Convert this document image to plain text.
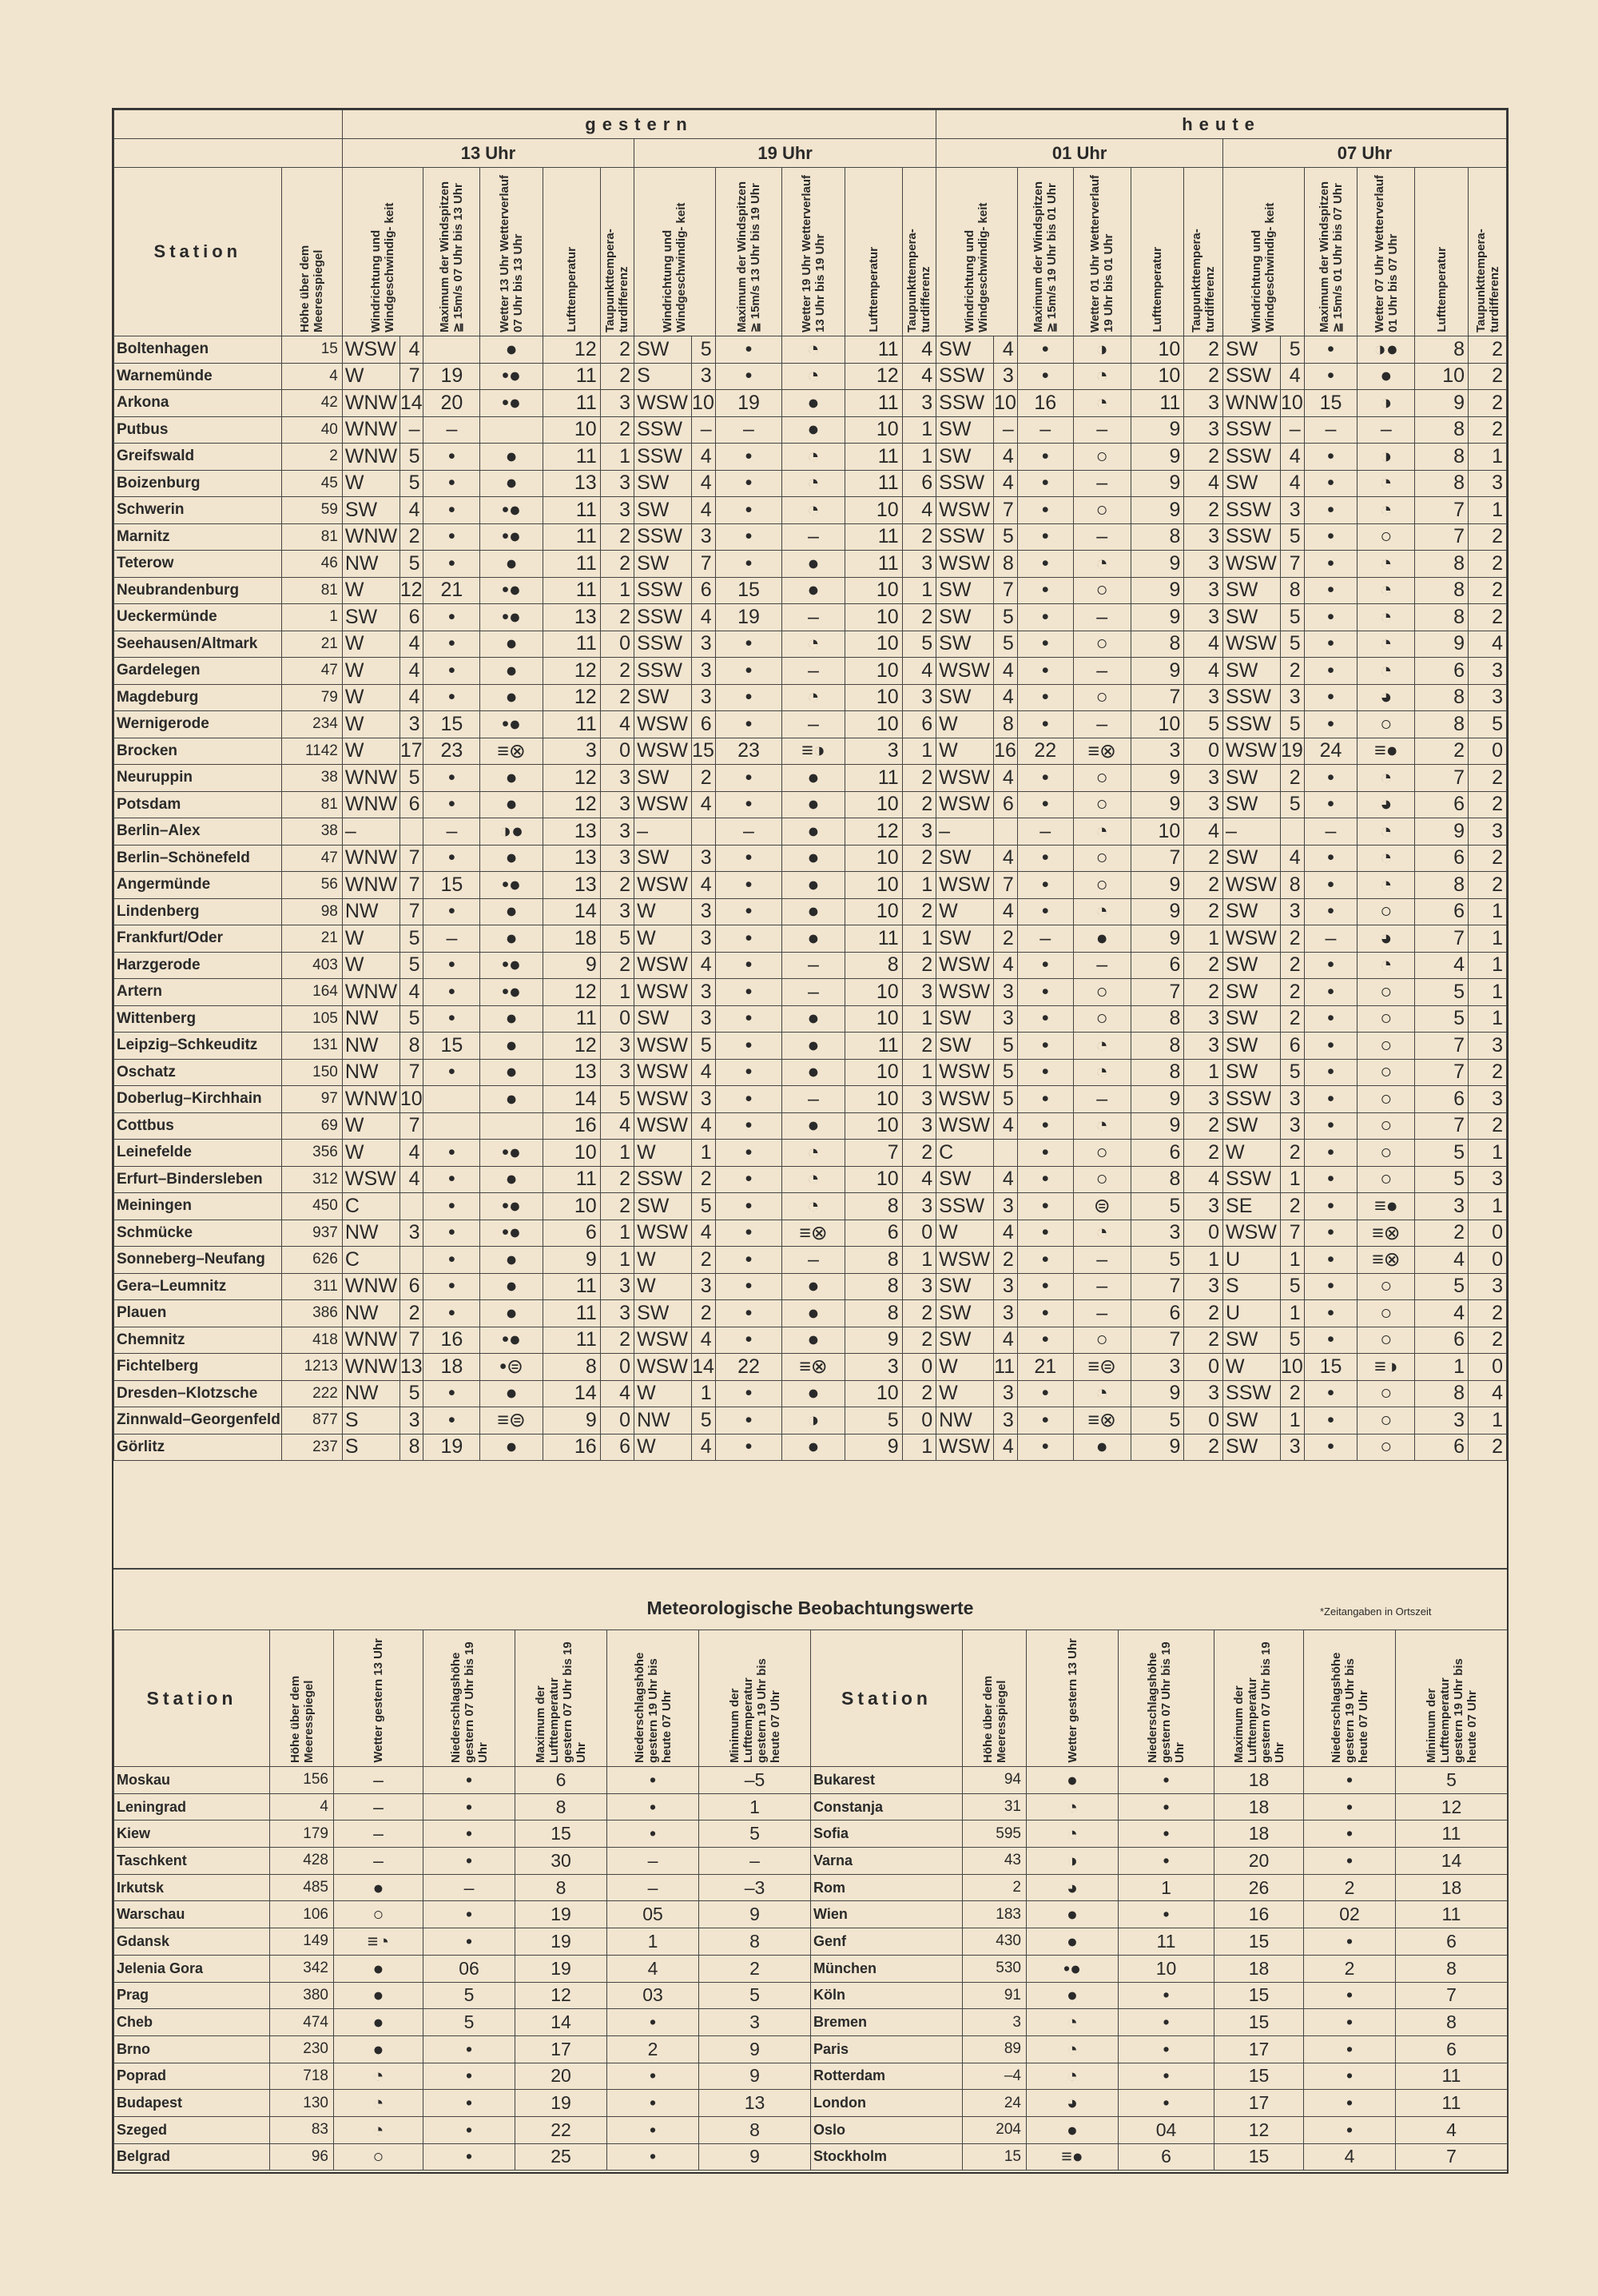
		gestern												heute											
		13 Uhr						19 Uhr						01 Uhr						07 Uhr					
Station	Höhe über dem Meeresspiegel	Windrichtung und Windgeschwindig- keit		Maximum der Windspitzen ≧ 15m/s 07 Uhr bis 13 Uhr	Wetter 13 Uhr Wetterverlauf 07 Uhr bis 13 Uhr	Lufttemperatur	Taupunkttempera- turdifferenz	Windrichtung und Windgeschwindig- keit		Maximum der Windspitzen ≧ 15m/s 13 Uhr bis 19 Uhr	Wetter 19 Uhr Wetterverlauf 13 Uhr bis 19 Uhr	Lufttemperatur	Taupunkttempera- turdifferenz	Windrichtung und Windgeschwindig- keit		Maximum der Windspitzen ≧ 15m/s 19 Uhr bis 01 Uhr	Wetter 01 Uhr Wetterverlauf 19 Uhr bis 01 Uhr	Lufttemperatur	Taupunkttempera- turdifferenz	Windrichtung und Windgeschwindig- keit		Maximum der Windspitzen ≧ 15m/s 01 Uhr bis 07 Uhr	Wetter 07 Uhr Wetterverlauf 01 Uhr bis 07 Uhr	Lufttemperatur	Taupunkttempera- turdifferenz

Boltenhagen	15	WSW	4		●	12	2	SW	5	•	◔	11	4	SW	4	•	◑	10	2	SW	5	•	◑●	8	2
Warnemünde	4	W	7	19	•●	11	2	S	3	•	◔	12	4	SSW	3	•	◔	10	2	SSW	4	•	●	10	2
Arkona	42	WNW	14	20	•●	11	3	WSW	10	19	●	11	3	SSW	10	16	◔	11	3	WNW	10	15	◑	9	2
Putbus	40	WNW	–	–		10	2	SSW	–	–	●	10	1	SW	–	–	–	9	3	SSW	–	–	–	8	2
Greifswald	2	WNW	5	•	●	11	1	SSW	4	•	◔	11	1	SW	4	•	○	9	2	SSW	4	•	◑	8	1
Boizenburg	45	W	5	•	●	13	3	SW	4	•	◔	11	6	SSW	4	•	–	9	4	SW	4	•	◔	8	3
Schwerin	59	SW	4	•	•●	11	3	SW	4	•	◔	10	4	WSW	7	•	○	9	2	SSW	3	•	◔	7	1
Marnitz	81	WNW	2	•	•●	11	2	SSW	3	•	–	11	2	SSW	5	•	–	8	3	SSW	5	•	○	7	2
Teterow	46	NW	5	•	●	11	2	SW	7	•	●	11	3	WSW	8	•	◔	9	3	WSW	7	•	◔	8	2
Neubrandenburg	81	W	12	21	•●	11	1	SSW	6	15	●	10	1	SW	7	•	○	9	3	SW	8	•	◔	8	2
Ueckermünde	1	SW	6	•	•●	13	2	SSW	4	19	–	10	2	SW	5	•	–	9	3	SW	5	•	◔	8	2
Seehausen/Altmark	21	W	4	•	●	11	0	SSW	3	•	◔	10	5	SW	5	•	○	8	4	WSW	5	•	◔	9	4
Gardelegen	47	W	4	•	●	12	2	SSW	3	•	–	10	4	WSW	4	•	–	9	4	SW	2	•	◔	6	3
Magdeburg	79	W	4	•	●	12	2	SW	3	•	◔	10	3	SW	4	•	○	7	3	SSW	3	•	◕	8	3
Wernigerode	234	W	3	15	•●	11	4	WSW	6	•	–	10	6	W	8	•	–	10	5	SSW	5	•	○	8	5
Brocken	1142	W	17	23	≡⊗	3	0	WSW	15	23	≡◑	3	1	W	16	22	≡⊗	3	0	WSW	19	24	≡●	2	0
Neuruppin	38	WNW	5	•	●	12	3	SW	2	•	●	11	2	WSW	4	•	○	9	3	SW	2	•	◔	7	2
Potsdam	81	WNW	6	•	●	12	3	WSW	4	•	●	10	2	WSW	6	•	○	9	3	SW	5	•	◕	6	2
Berlin–Alex	38	–		–	◑●	13	3	–		–	●	12	3	–		–	◔	10	4	–		–	◔	9	3
Berlin–Schönefeld	47	WNW	7	•	●	13	3	SW	3	•	●	10	2	SW	4	•	○	7	2	SW	4	•	◔	6	2
Angermünde	56	WNW	7	15	•●	13	2	WSW	4	•	●	10	1	WSW	7	•	○	9	2	WSW	8	•	◔	8	2
Lindenberg	98	NW	7	•	●	14	3	W	3	•	●	10	2	W	4	•	◔	9	2	SW	3	•	○	6	1
Frankfurt/Oder	21	W	5	–	●	18	5	W	3	•	●	11	1	SW	2	–	●	9	1	WSW	2	–	◕	7	1
Harzgerode	403	W	5	•	•●	9	2	WSW	4	•	–	8	2	WSW	4	•	–	6	2	SW	2	•	◔	4	1
Artern	164	WNW	4	•	•●	12	1	WSW	3	•	–	10	3	WSW	3	•	○	7	2	SW	2	•	○	5	1
Wittenberg	105	NW	5	•	●	11	0	SW	3	•	●	10	1	SW	3	•	○	8	3	SW	2	•	○	5	1
Leipzig–Schkeuditz	131	NW	8	15	●	12	3	WSW	5	•	●	11	2	SW	5	•	◔	8	3	SW	6	•	○	7	3
Oschatz	150	NW	7	•	●	13	3	WSW	4	•	●	10	1	WSW	5	•	◔	8	1	SW	5	•	○	7	2
Doberlug–Kirchhain	97	WNW	10		●	14	5	WSW	3	•	–	10	3	WSW	5	•	–	9	3	SSW	3	•	○	6	3
Cottbus	69	W	7			16	4	WSW	4	•	●	10	3	WSW	4	•	◔	9	2	SW	3	•	○	7	2
Leinefelde	356	W	4	•	•●	10	1	W	1	•	◔	7	2	C		•	○	6	2	W	2	•	○	5	1
Erfurt–Bindersleben	312	WSW	4	•	●	11	2	SSW	2	•	◔	10	4	SW	4	•	○	8	4	SSW	1	•	○	5	3
Meiningen	450	C		•	•●	10	2	SW	5	•	◔	8	3	SSW	3	•	⊜	5	3	SE	2	•	≡●	3	1
Schmücke	937	NW	3	•	•●	6	1	WSW	4	•	≡⊗	6	0	W	4	•	◔	3	0	WSW	7	•	≡⊗	2	0
Sonneberg–Neufang	626	C		•	●	9	1	W	2	•	–	8	1	WSW	2	•	–	5	1	U	1	•	≡⊗	4	0
Gera–Leumnitz	311	WNW	6	•	●	11	3	W	3	•	●	8	3	SW	3	•	–	7	3	S	5	•	○	5	3
Plauen	386	NW	2	•	●	11	3	SW	2	•	●	8	2	SW	3	•	–	6	2	U	1	•	○	4	2
Chemnitz	418	WNW	7	16	•●	11	2	WSW	4	•	●	9	2	SW	4	•	○	7	2	SW	5	•	○	6	2
Fichtelberg	1213	WNW	13	18	•⊜	8	0	WSW	14	22	≡⊗	3	0	W	11	21	≡⊜	3	0	W	10	15	≡◑	1	0
Dresden–Klotzsche	222	NW	5	•	●	14	4	W	1	•	●	10	2	W	3	•	◔	9	3	SSW	2	•	○	8	4
Zinnwald–Georgenfeld	877	S	3	•	≡⊜	9	0	NW	5	•	◑	5	0	NW	3	•	≡⊗	5	0	SW	1	•	○	3	1
Görlitz	237	S	8	19	●	16	6	W	4	•	●	9	1	WSW	4	•	●	9	2	SW	3	•	○	6	2
Meteorologische Beobachtungswerte	*Zeitangaben in Ortszeit
Station	Höhe über dem Meeresspiegel	Wetter gestern 13 Uhr	Niederschlagshöhe gestern 07 Uhr bis 19 Uhr	Maximum der Lufttemperatur gestern 07 Uhr bis 19 Uhr	Niederschlagshöhe gestern 19 Uhr bis heute 07 Uhr	Minimum der Lufttemperatur gestern 19 Uhr bis heute 07 Uhr

Moskau	156	–	•	6	•	–5
Leningrad	4	–	•	8	•	1
Kiew	179	–	•	15	•	5
Taschkent	428	–	•	30	–	–
Irkutsk	485	●	–	8	–	–3
Warschau	106	○	•	19	05	9
Gdansk	149	≡◔	•	19	1	8
Jelenia Gora	342	●	06	19	4	2
Prag	380	●	5	12	03	5
Cheb	474	●	5	14	•	3
Brno	230	●	•	17	2	9
Poprad	718	◔	•	20	•	9
Budapest	130	◔	•	19	•	13
Szeged	83	◔	•	22	•	8
Belgrad	96	○	•	25	•	9
Station	Höhe über dem Meeresspiegel	Wetter gestern 13 Uhr	Niederschlagshöhe gestern 07 Uhr bis 19 Uhr	Maximum der Lufttemperatur gestern 07 Uhr bis 19 Uhr	Niederschlagshöhe gestern 19 Uhr bis heute 07 Uhr	Minimum der Lufttemperatur gestern 19 Uhr bis heute 07 Uhr

Bukarest	94	●	•	18	•	5
Constanja	31	◔	•	18	•	12
Sofia	595	◔	•	18	•	11
Varna	43	◑	•	20	•	14
Rom	2	◕	1	26	2	18
Wien	183	●	•	16	02	11
Genf	430	●	11	15	•	6
München	530	•●	10	18	2	8
Köln	91	●	•	15	•	7
Bremen	3	◔	•	15	•	8
Paris	89	◔	•	17	•	6
Rotterdam	–4	◔	•	15	•	11
London	24	◕	•	17	•	11
Oslo	204	●	04	12	•	4
Stockholm	15	≡●	6	15	4	7
